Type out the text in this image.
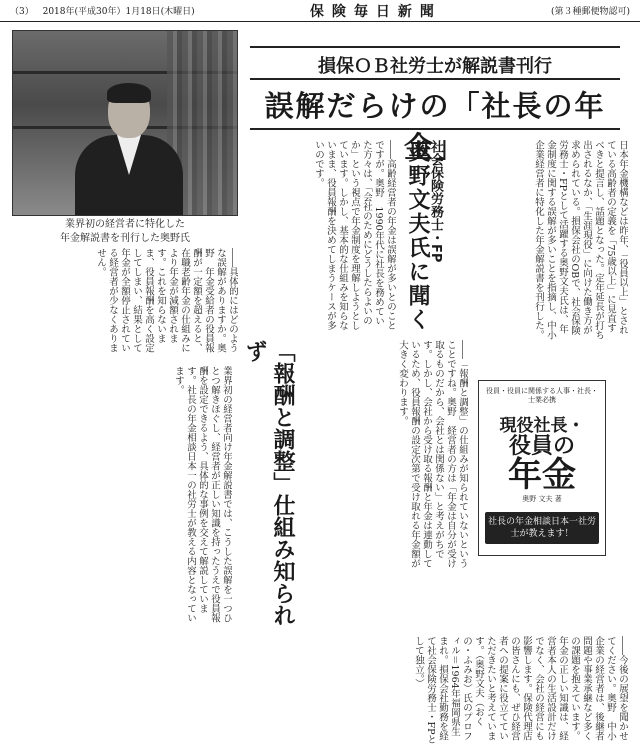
（3） 2018年(平成30年）1月18日(木曜日)	保険毎日新聞	(第３種郵便物認可)
業界初の経営者に特化した
年金解説書を刊行した奥野氏
損保ＯＢ社労士が解説書刊行
誤解だらけの「社長の年金」	日本年金機構などは昨年、「役員以上」とされている高齢者の定義を「75歳以上」に見直すべきと提言し、話題となった。定年延長が打ち出されるなか、「生涯現役」に向けた働き方が求められている。損保会社のOBで、社会保険労務士・FPとして活躍する奥野文夫氏は、年金制度に関する誤解が多いことを指摘し、中小企業経営者に特化した年金解説書を刊行した。
社会保険労務士・FP
奥野文夫氏に聞く
――高齢経営者の年金は誤解が多いとのことですが。奥野　1990年代に社長を務めていた方々は、「会社のためにどうしたらよいのか」という視点で年金制度を理解しようとしています。しかし、基本的な仕組みを知らないまま、役員報酬を決めてしまうケースが多いのです。
――具体的にはどのような誤解がありますか。奥野　年金受給者の役員報酬が一定額を超えると、在職老齢年金の仕組みにより年金が減額されます。これを知らないまま、役員報酬を高く設定してしまい、結果として年金が全額停止されている経営者が少なくありません。
――「報酬と調整」の仕組みが知られていないということですね。奥野　経営者の方は「年金は自分が受け取るものだから、会社とは関係ない」と考えがちです。しかし、会社から受け取る報酬と年金は連動しているため、役員報酬の設定次第で受け取れる年金額が大きく変わります。
「報酬と調整」仕組み知られず
業界初の経営者向け年金解説書では、こうした誤解を一つひとつ解きほぐし、経営者が正しい知識を持ったうえで役員報酬を設定できるよう、具体的な事例を交えて解説しています。社長の年金相談日本一の社労士が教える内容となっています。	役員・役員に関係する人事・社長・士業必携
現役社長・
役員の
年金
奥野 文夫 著
社長の年金相談日本一社労士が教えます！
――今後の展望を聞かせてください。奥野　中小企業の経営者は、後継者問題や事業承継など多くの課題を抱えています。年金の正しい知識は、経営者本人の生活設計だけでなく、会社の経営にも影響します。保険代理店の皆さんにも、ぜひ経営者への提案に役立てていただきたいと考えています。（奥野文夫（おくの・ふみお）氏のプロフィル＝1964年福岡県生まれ。損保会社勤務を経て社会保険労務士・FPとして独立。）
